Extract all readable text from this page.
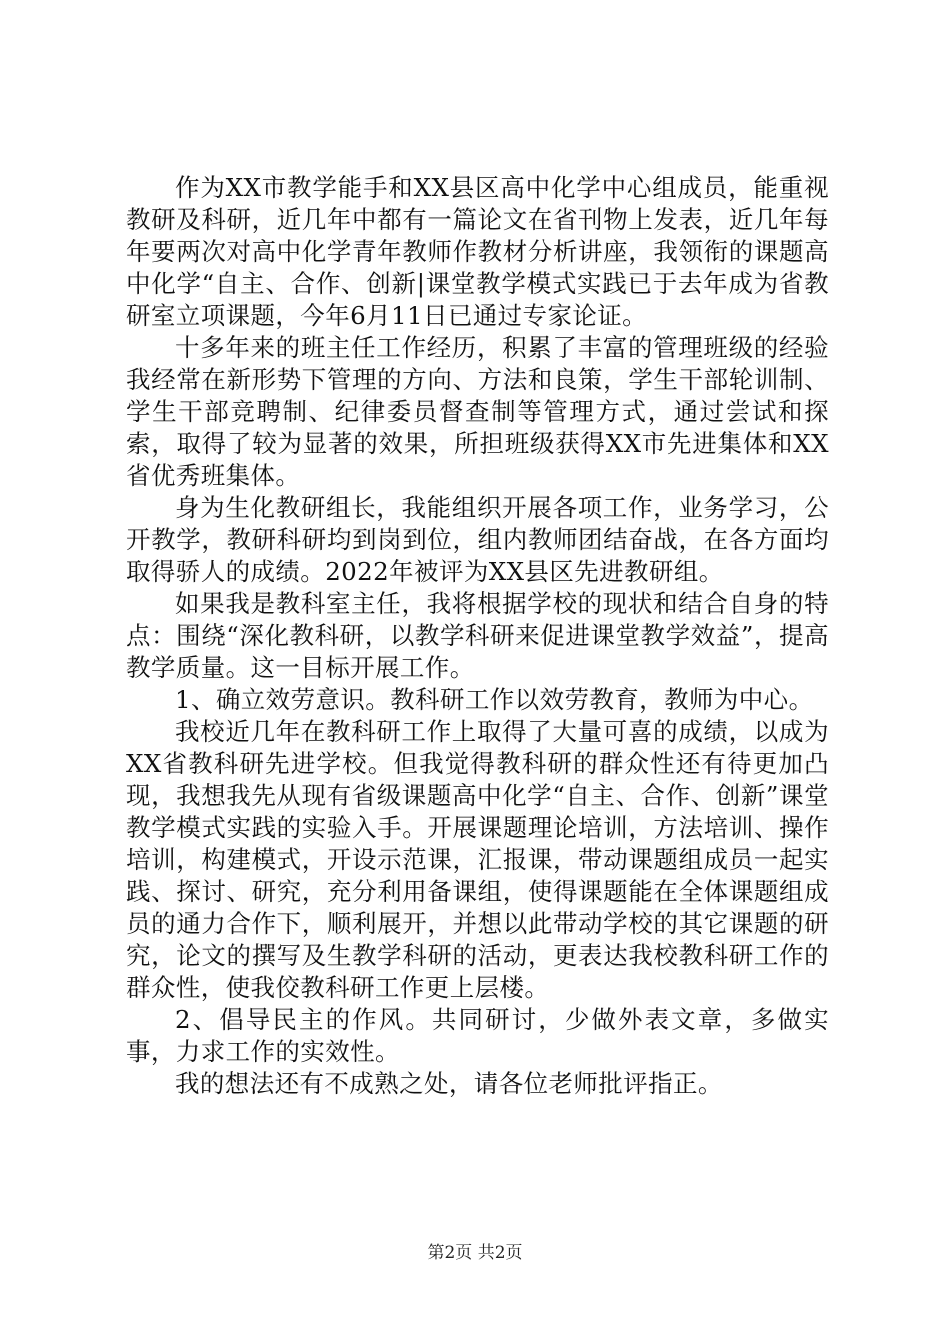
作为XX市教学能手和XX县区高中化学中心组成员，能重视教研及科研，近几年中都有一篇论文在省刊物上发表，近几年每年要两次对高中化学青年教师作教材分析讲座，我领衔的课题高中化学“自主、合作、创新|课堂教学模式实践已于去年成为省教研室立项课题，今年6月11日已通过专家论证。

十多年来的班主任工作经历，积累了丰富的管理班级的经验我经常在新形势下管理的方向、方法和良策，学生干部轮训制、学生干部竞聘制、纪律委员督查制等管理方式，通过尝试和探索，取得了较为显著的效果，所担班级获得XX市先进集体和XX省优秀班集体。

身为生化教研组长，我能组织开展各项工作，业务学习，公开教学，教研科研均到岗到位，组内教师团结奋战，在各方面均取得骄人的成绩。2022年被评为XX县区先进教研组。

如果我是教科室主任，我将根据学校的现状和结合自身的特点：围绕“深化教科研，以教学科研来促进课堂教学效益”，提高教学质量。这一目标开展工作。

1、确立效劳意识。教科研工作以效劳教育，教师为中心。

我校近几年在教科研工作上取得了大量可喜的成绩，以成为XX省教科研先进学校。但我觉得教科研的群众性还有待更加凸现，我想我先从现有省级课题高中化学“自主、合作、创新”课堂教学模式实践的实验入手。开展课题理论培训，方法培训、操作培训，构建模式，开设示范课，汇报课，带动课题组成员一起实践、探讨、研究，充分利用备课组，使得课题能在全体课题组成员的通力合作下，顺利展开，并想以此带动学校的其它课题的研究，论文的撰写及生教学科研的活动，更表达我校教科研工作的群众性，使我佼教科研工作更上层楼。

2、倡导民主的作风。共同研讨，少做外表文章，多做实事，力求工作的实效性。

我的想法还有不成熟之处，请各位老师批评指正。

第2页 共2页
